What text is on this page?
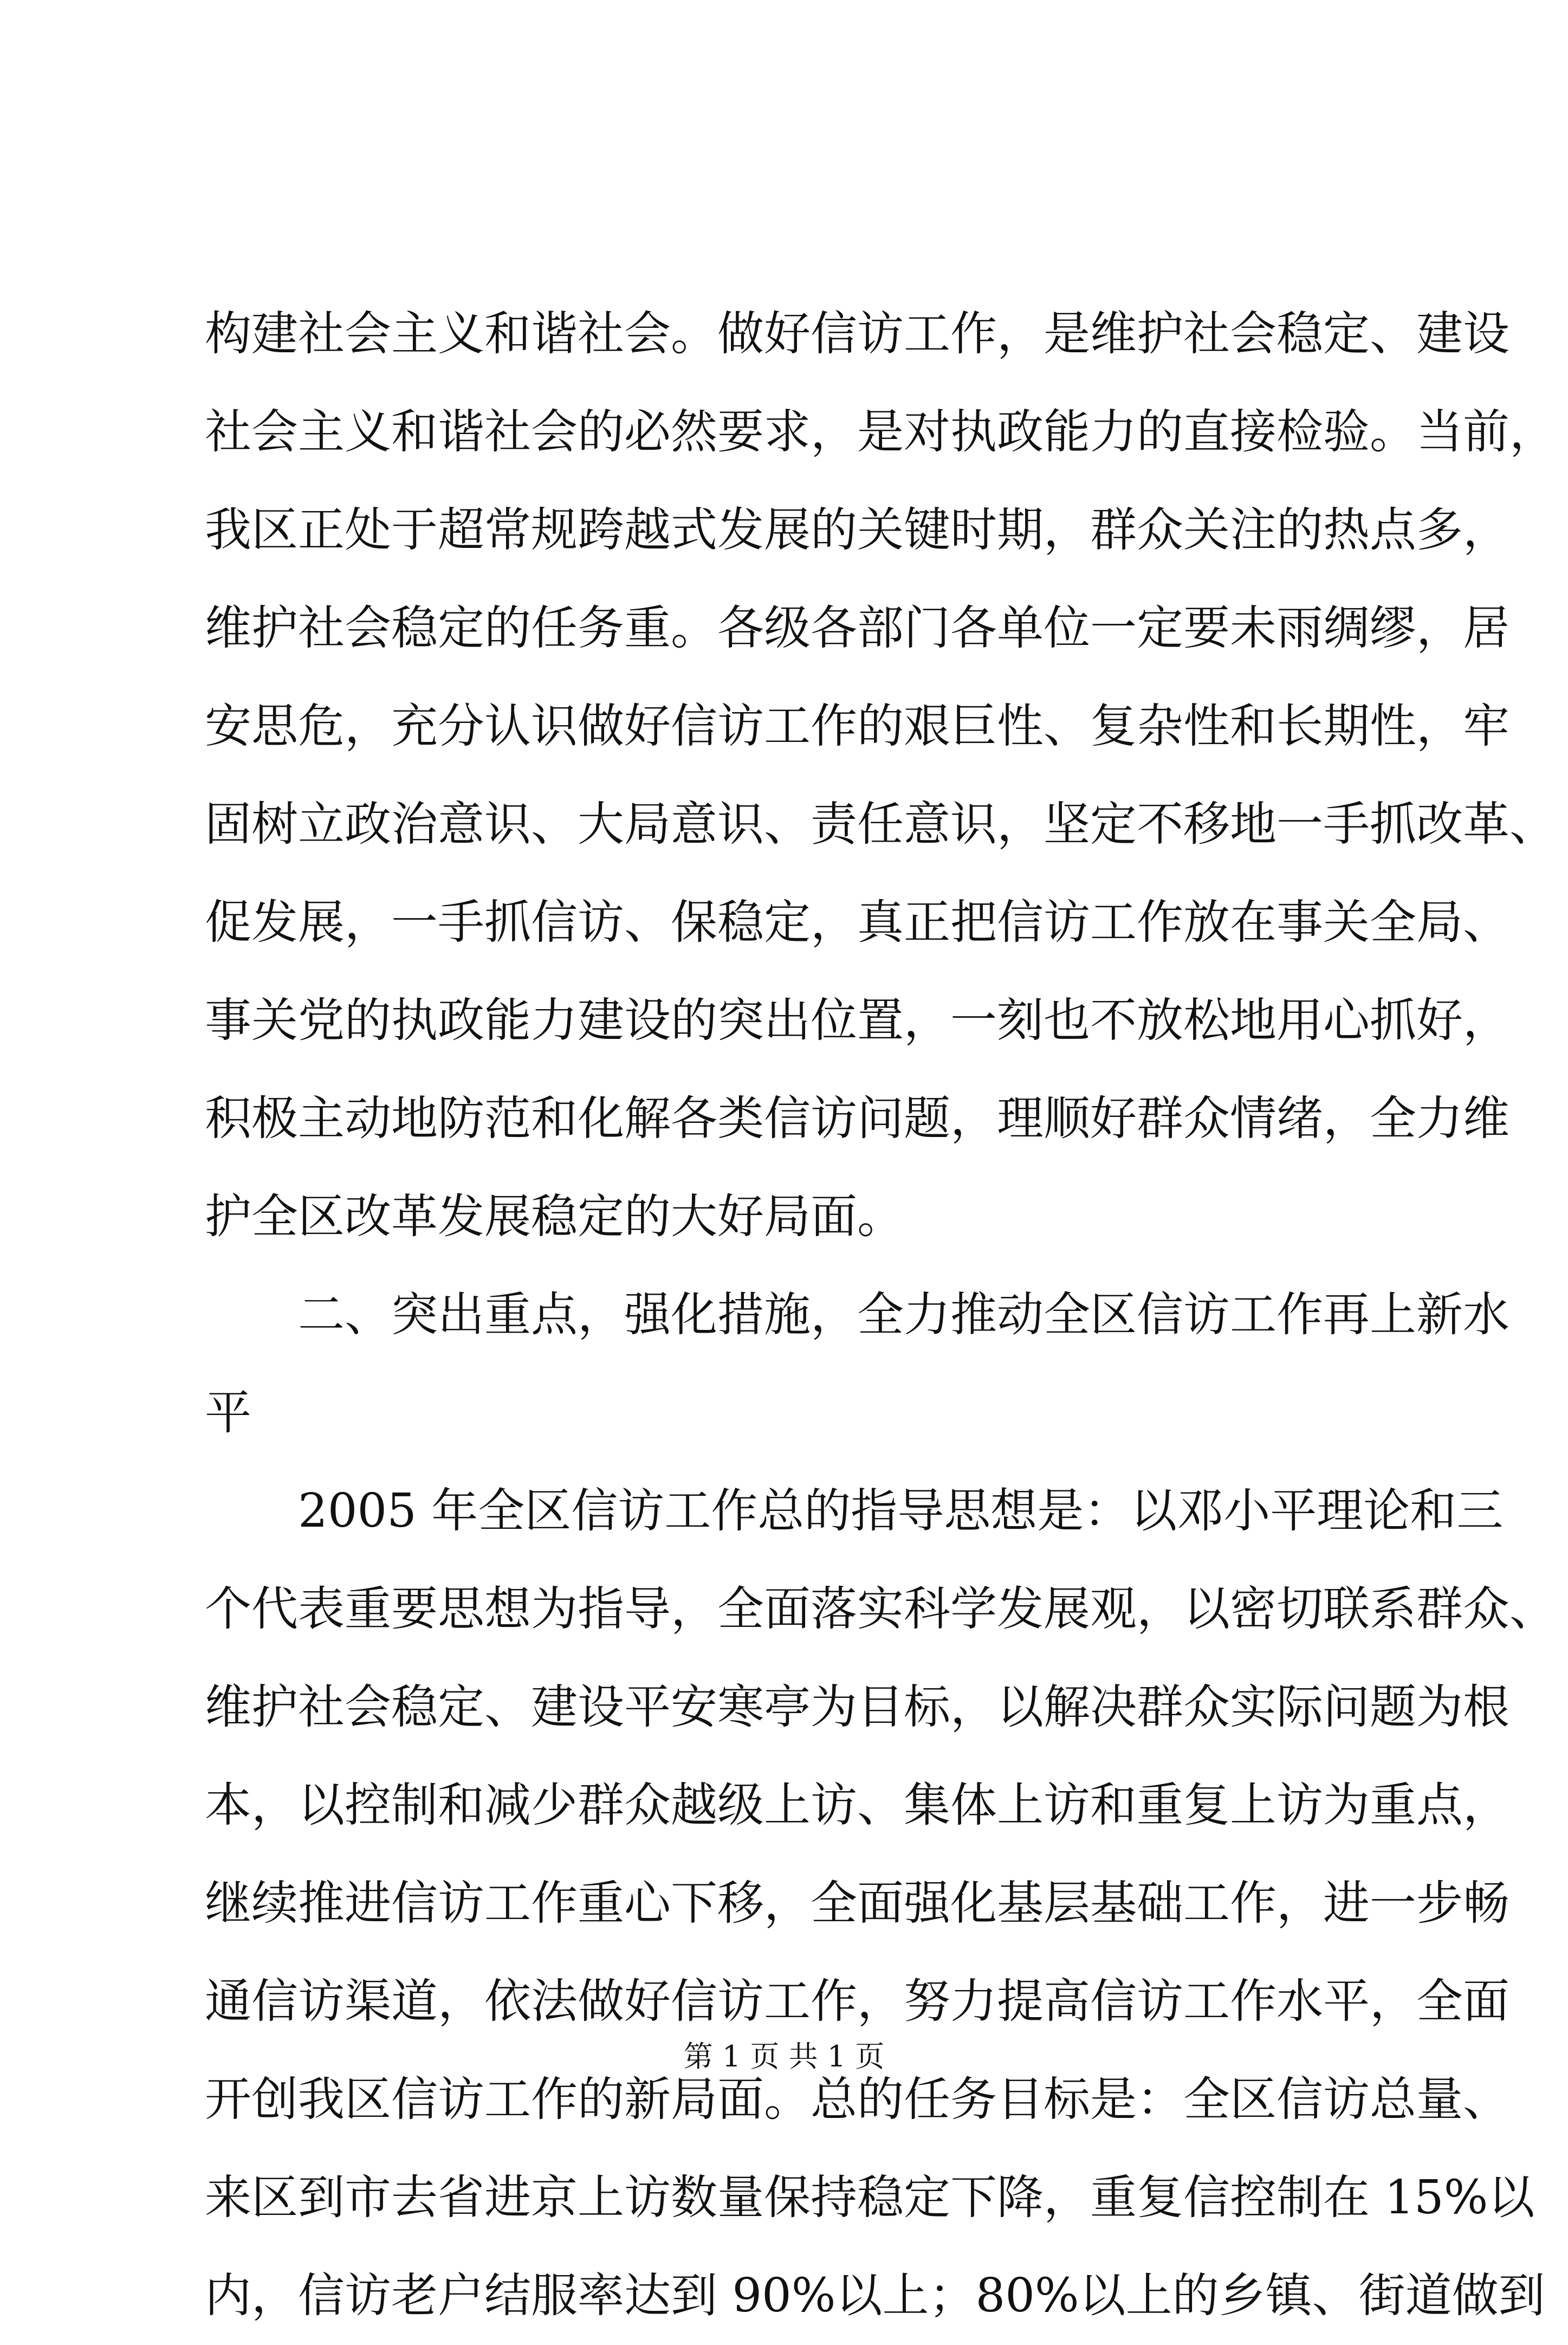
构建社会主义和谐社会。做好信访工作，是维护社会稳定、建设
社会主义和谐社会的必然要求，是对执政能力的直接检验。当前，
我区正处于超常规跨越式发展的关键时期，群众关注的热点多，
维护社会稳定的任务重。各级各部门各单位一定要未雨绸缪，居
安思危，充分认识做好信访工作的艰巨性、复杂性和长期性，牢
固树立政治意识、大局意识、责任意识，坚定不移地一手抓改革、
促发展，一手抓信访、保稳定，真正把信访工作放在事关全局、
事关党的执政能力建设的突出位置，一刻也不放松地用心抓好，
积极主动地防范和化解各类信访问题，理顺好群众情绪，全力维
护全区改革发展稳定的大好局面。
二、突出重点，强化措施，全力推动全区信访工作再上新水
平
2005 年全区信访工作总的指导思想是：以邓小平理论和三
个代表重要思想为指导，全面落实科学发展观，以密切联系群众、
维护社会稳定、建设平安寒亭为目标，以解决群众实际问题为根
本，以控制和减少群众越级上访、集体上访和重复上访为重点，
继续推进信访工作重心下移，全面强化基层基础工作，进一步畅
通信访渠道，依法做好信访工作，努力提高信访工作水平，全面
开创我区信访工作的新局面。总的任务目标是：全区信访总量、
来区到市去省进京上访数量保持稳定下降，重复信控制在 15%以
内，信访老户结服率达到 90%以上；80%以上的乡镇、街道做到
第 1 页 共 1 页
